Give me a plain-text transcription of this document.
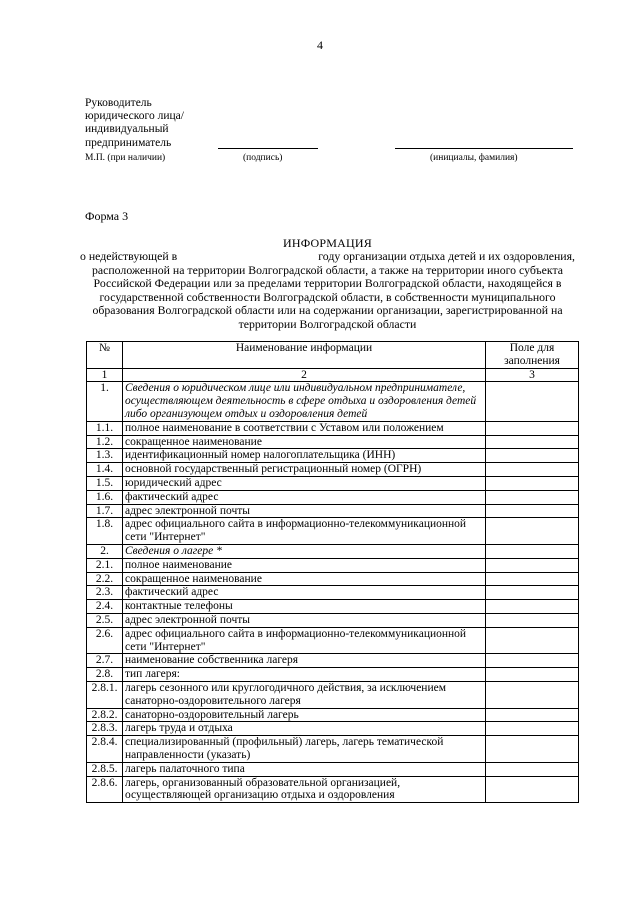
4
Руководитель
юридического лица/
индивидуальный
предприниматель
М.П. (при наличии)	(подпись)	(инициалы, фамилия)
Форма 3
ИНФОРМАЦИЯ
о недействующей в	году организации отдыха детей и их оздоровления,
расположенной на территории Волгоградской области, а также на территории иного субъекта Российской Федерации или за пределами территории Волгоградской области, находящейся в государственной собственности Волгоградской области, в собственности муниципального образования Волгоградской области или на содержании организации, зарегистрированной на территории Волгоградской области
№	Наименование информации	Поле для заполнения
1	2	3
1.	Сведения о юридическом лице или индивидуальном предпринимателе, осуществляющем деятельность в сфере отдыха и оздоровления детей либо организующем отдых и оздоровления детей	
1.1.	полное наименование в соответствии с Уставом или положением	
1.2.	сокращенное наименование	
1.3.	идентификационный номер налогоплательщика (ИНН)	
1.4.	основной государственный регистрационный номер (ОГРН)	
1.5.	юридический адрес	
1.6.	фактический адрес	
1.7.	адрес электронной почты	
1.8.	адрес официального сайта в информационно-телекоммуникационной сети "Интернет"	
2.	Сведения о лагере *	
2.1.	полное наименование	
2.2.	сокращенное наименование	
2.3.	фактический адрес	
2.4.	контактные телефоны	
2.5.	адрес электронной почты	
2.6.	адрес официального сайта в информационно-телекоммуникационной сети "Интернет"	
2.7.	наименование собственника лагеря	
2.8.	тип лагеря:	
2.8.1.	лагерь сезонного или круглогодичного действия, за исключением санаторно-оздоровительного лагеря	
2.8.2.	санаторно-оздоровительный лагерь	
2.8.3.	лагерь труда и отдыха	
2.8.4.	специализированный (профильный) лагерь, лагерь тематической направленности (указать)	
2.8.5.	лагерь палаточного типа	
2.8.6.	лагерь, организованный образовательной организацией, осуществляющей организацию отдыха и оздоровления	
